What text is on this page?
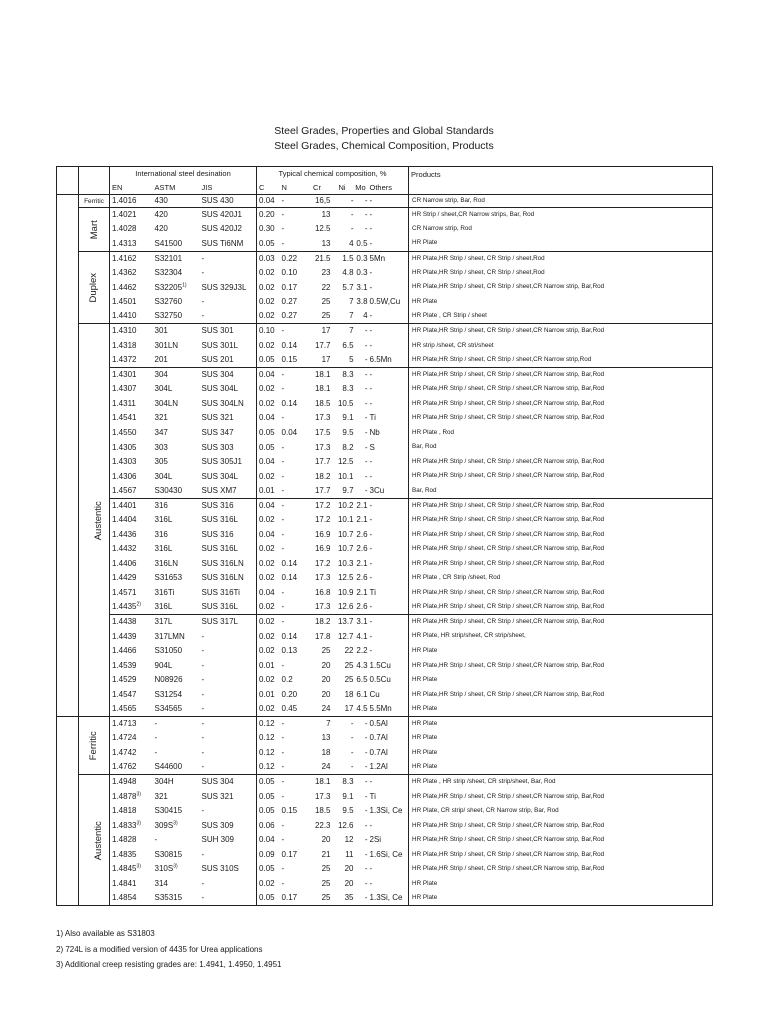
Steel Grades, Properties and Global Standards
Steel Grades, Chemical Composition, Products
		International steel desination			Typical chemical composition, %						Products
		EN	ASTM	JIS	C	N	Cr	Ni	Mo	Others	
	Ferritic	1.4016	430	SUS 430	0.04	-	16,5	-	-	-	CR Narrow strip, Bar, Rod
	Mart	1.4021	420	SUS 420J1	0.20	-	13	-	-	-	HR Strip / sheet,CR Narrow strips, Bar, Rod
		1.4028	420	SUS 420J2	0.30	-	12.5	-	-	-	CR Narrow strip, Rod
		1.4313	S41500	SUS Ti6NM	0.05	-	13	4	0.5	-	HR Plate
	Duplex	1.4162	S32101	-	0.03	0.22	21.5	1.5	0.3	5Mn	HR Plate,HR Strip / sheet, CR Strip / sheet,Rod
		1.4362	S32304	-	0.02	0.10	23	4.8	0.3	-	HR Plate,HR Strip / sheet, CR Strip / sheet,Rod
		1.4462	S32205$^{1)}$	SUS 329J3L	0.02	0.17	22	5.7	3.1	-	HR Plate,HR Strip / sheet, CR Strip / sheet,CR Narrow strip, Bar,Rod
		1.4501	S32760	-	0.02	0.27	25	7	3.8	0.5W,Cu	HR Plate
		1.4410	S32750	-	0.02	0.27	25	7	4	-	HR Plate , CR Strip / sheet
	Austentic	1.4310	301	SUS 301	0.10	-	17	7	-	-	HR Plate,HR Strip / sheet, CR Strip / sheet,CR Narrow strip, Bar,Rod
		1.4318	301LN	SUS 301L	0.02	0.14	17.7	6.5	-	-	HR strip /sheet, CR stri/sheet
		1.4372	201	SUS 201	0.05	0.15	17	5	-	6.5Mn	HR Plate,HR Strip / sheet, CR Strip / sheet,CR Narrow strip,Rod
		1.4301	304	SUS 304	0.04	-	18.1	8.3	-	-	HR Plate,HR Strip / sheet, CR Strip / sheet,CR Narrow strip, Bar,Rod
		1.4307	304L	SUS 304L	0.02	-	18.1	8.3	-	-	HR Plate,HR Strip / sheet, CR Strip / sheet,CR Narrow strip, Bar,Rod
		1.4311	304LN	SUS 304LN	0.02	0.14	18.5	10.5	-	-	HR Plate,HR Strip / sheet, CR Strip / sheet,CR Narrow strip, Bar,Rod
		1.4541	321	SUS 321	0.04	-	17.3	9.1	-	Ti	HR Plate,HR Strip / sheet, CR Strip / sheet,CR Narrow strip, Bar,Rod
		1.4550	347	SUS 347	0.05	0.04	17.5	9.5	-	Nb	HR Plate , Rod
		1.4305	303	SUS 303	0.05	-	17.3	8.2	-	S	Bar, Rod
		1.4303	305	SUS 305J1	0.04	-	17.7	12.5	-	-	HR Plate,HR Strip / sheet, CR Strip / sheet,CR Narrow strip, Bar,Rod
		1.4306	304L	SUS 304L	0.02	-	18.2	10.1	-	-	HR Plate,HR Strip / sheet, CR Strip / sheet,CR Narrow strip, Bar,Rod
		1.4567	S30430	SUS XM7	0.01	-	17.7	9.7	-	3Cu	Bar, Rod
		1.4401	316	SUS 316	0.04	-	17.2	10.2	2.1	-	HR Plate,HR Strip / sheet, CR Strip / sheet,CR Narrow strip, Bar,Rod
		1.4404	316L	SUS 316L	0.02	-	17.2	10.1	2.1	-	HR Plate,HR Strip / sheet, CR Strip / sheet,CR Narrow strip, Bar,Rod
		1.4436	316	SUS 316	0.04	-	16.9	10.7	2.6	-	HR Plate,HR Strip / sheet, CR Strip / sheet,CR Narrow strip, Bar,Rod
		1.4432	316L	SUS 316L	0.02	-	16.9	10.7	2.6	-	HR Plate,HR Strip / sheet, CR Strip / sheet,CR Narrow strip, Bar,Rod
		1.4406	316LN	SUS 316LN	0.02	0.14	17.2	10.3	2.1	-	HR Plate,HR Strip / sheet, CR Strip / sheet,CR Narrow strip, Bar,Rod
		1.4429	S31653	SUS 316LN	0.02	0.14	17.3	12.5	2.6	-	HR Plate , CR Strip /sheet, Rod
		1.4571	316Ti	SUS 316Ti	0.04	-	16.8	10.9	2.1	Ti	HR Plate,HR Strip / sheet, CR Strip / sheet,CR Narrow strip, Bar,Rod
		1.4435$^{2)}$	316L	SUS 316L	0.02	-	17.3	12.6	2.6	-	HR Plate,HR Strip / sheet, CR Strip / sheet,CR Narrow strip, Bar,Rod
		1.4438	317L	SUS 317L	0.02	-	18.2	13.7	3.1	-	HR Plate,HR Strip / sheet, CR Strip / sheet,CR Narrow strip, Bar,Rod
		1.4439	317LMN	-	0.02	0.14	17.8	12.7	4.1	-	HR Plate, HR strip/sheet, CR strip/sheet,
		1.4466	S31050	-	0.02	0.13	25	22	2.2	-	HR Plate
		1.4539	904L	-	0.01	-	20	25	4.3	1.5Cu	HR Plate,HR Strip / sheet, CR Strip / sheet,CR Narrow strip, Bar,Rod
		1.4529	N08926	-	0.02	0.2	20	25	6.5	0.5Cu	HR Plate
		1.4547	S31254	-	0.01	0.20	20	18	6.1	Cu	HR Plate,HR Strip / sheet, CR Strip / sheet,CR Narrow strip, Bar,Rod
		1.4565	S34565	-	0.02	0.45	24	17	4.5	5.5Mn	HR Plate
	Ferritic	1.4713	-	-	0.12	-	7	-	-	0.5Al	HR Plate
		1.4724	-	-	0.12	-	13	-	-	0.7Al	HR Plate
		1.4742	-	-	0.12	-	18	-	-	0.7Al	HR Plate
		1.4762	S44600	-	0.12	-	24	-	-	1.2Al	HR Plate
	Austentic	1.4948	304H	SUS 304	0.05	-	18.1	8.3	-	-	HR Plate , HR strip /sheet, CR strip/sheet, Bar, Rod
		1.4878$^{3)}$	321	SUS 321	0.05	-	17.3	9.1	-	Ti	HR Plate,HR Strip / sheet, CR Strip / sheet,CR Narrow strip, Bar,Rod
		1.4818	S30415	-	0.05	0.15	18.5	9.5	-	1.3Si, Ce	HR Plate, CR strip/ sheet, CR Narrow strip, Bar, Rod
		1.4833$^{3)}$	$309S^{3)}$	SUS 309	0.06	-	22.3	12.6	-	-	HR Plate,HR Strip / sheet, CR Strip / sheet,CR Narrow strip, Bar,Rod
		1.4828	-	SUH 309	0.04	-	20	12	-	2Si	HR Plate,HR Strip / sheet, CR Strip / sheet,CR Narrow strip, Bar,Rod
		1.4835	S30815	-	0.09	0.17	21	11	-	1.6Si, Ce	HR Plate,HR Strip / sheet, CR Strip / sheet,CR Narrow strip, Bar,Rod
		1.4845$^{3)}$	$310S^{3)}$	SUS 310S	0.05	-	25	20	-	-	HR Plate,HR Strip / sheet, CR Strip / sheet,CR Narrow strip, Bar,Rod
		1.4841	314	-	0.02	-	25	20	-	-	HR Plate
		1.4854	S35315	-	0.05	0.17	25	35	-	1.3Si, Ce	HR Plate
1) Also available as S31803
2) 724L is a modified version of 4435 for Urea applications
3) Additional creep resisting grades are: 1.4941, 1.4950, 1.4951
